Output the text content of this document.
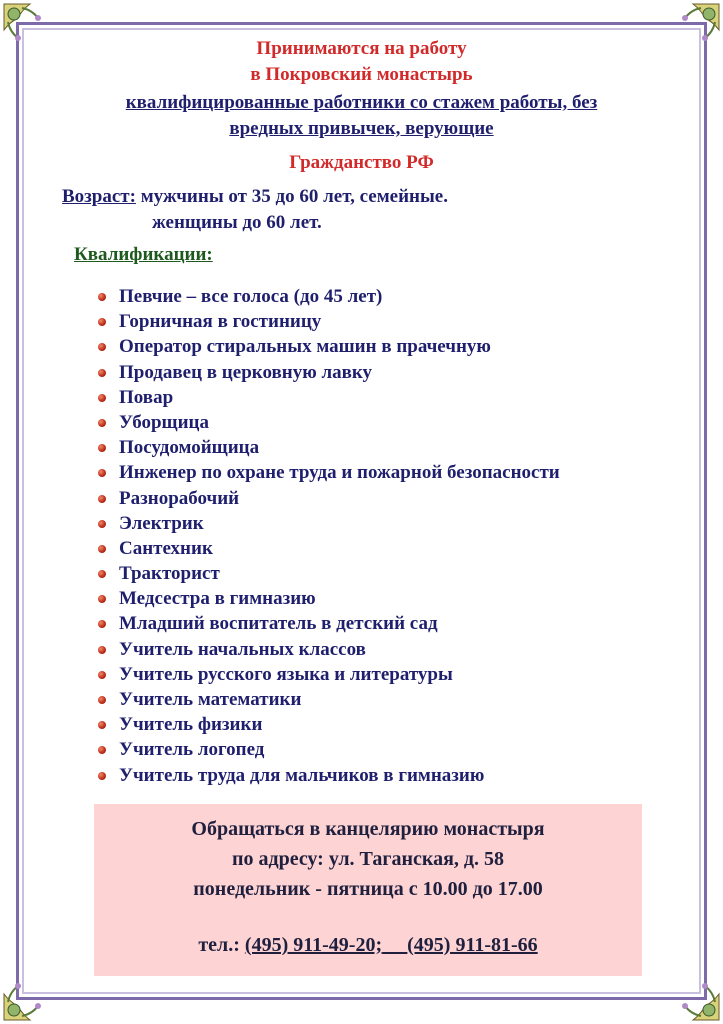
Принимаются на работу
в Покровский монастырь
квалифицированные работники со стажем работы, без
вредных привычек, верующие
Гражданство РФ
Возраст: мужчины от 35 до 60 лет, семейные.
женщины до 60 лет.
Квалификации:
Певчие – все голоса (до 45 лет)
Горничная в гостиницу
Оператор стиральных машин в прачечную
Продавец в церковную лавку
Повар
Уборщица
Посудомойщица
Инженер по охране труда и пожарной безопасности
Разнорабочий
Электрик
Сантехник
Тракторист
Медсестра в гимназию
Младший воспитатель в детский сад
Учитель начальных классов
Учитель русского языка и литературы
Учитель математики
Учитель физики
Учитель логопед
Учитель труда для мальчиков в гимназию
Обращаться в канцелярию монастыря
по адресу: ул. Таганская, д. 58
понедельник - пятница с 10.00 до 17.00
тел.: (495) 911-49-20; (495) 911-81-66
